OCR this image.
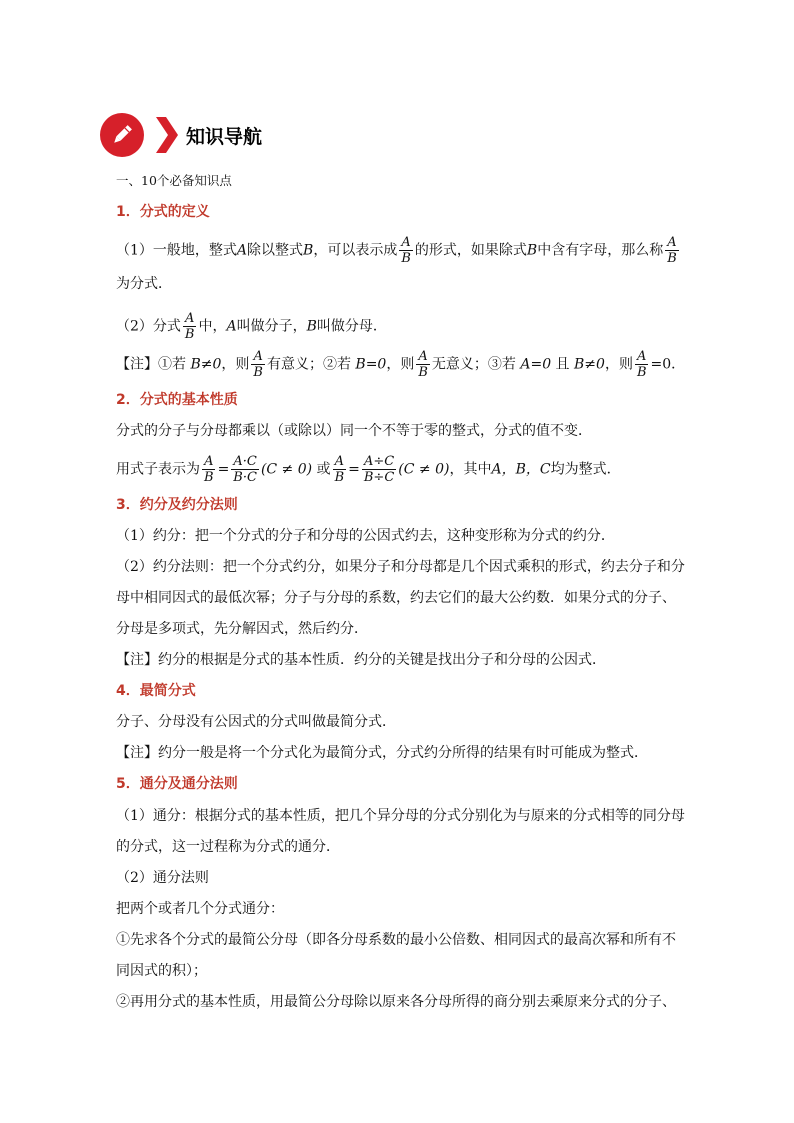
知识导航
一、10个必备知识点
1．分式的定义
（1）一般地，整式A除以整式B，可以表示成 $\frac{A}{B}$ 的形式，如果除式B中含有字母，那么称 $\frac{A}{B}$
为分式．
（2）分式 $\frac{A}{B}$ 中，A叫做分子，B叫做分母．
【注】①若 B≠0，则 $\frac{A}{B}$ 有意义；②若 B=0，则 $\frac{A}{B}$ 无意义；③若 A=0 且 B≠0，则 $\frac{A}{B} =0$．
2．分式的基本性质
分式的分子与分母都乘以（或除以）同一个不等于零的整式，分式的值不变．
用式子表示为 $\frac{A}{B} = \frac{A\cdot C}{B\cdot C} (C \ne 0)$ 或 $\frac{A}{B} = \frac{A\div C}{B\div C} (C \ne 0)$，其中A，B，C均为整式．
3．约分及约分法则
（1）约分：把一个分式的分子和分母的公因式约去，这种变形称为分式的约分．
（2）约分法则：把一个分式约分，如果分子和分母都是几个因式乘积的形式，约去分子和分
母中相同因式的最低次幂；分子与分母的系数，约去它们的最大公约数．如果分式的分子、
分母是多项式，先分解因式，然后约分．
【注】约分的根据是分式的基本性质．约分的关键是找出分子和分母的公因式．
4．最简分式
分子、分母没有公因式的分式叫做最简分式．
【注】约分一般是将一个分式化为最简分式，分式约分所得的结果有时可能成为整式．
5．通分及通分法则
（1）通分：根据分式的基本性质，把几个异分母的分式分别化为与原来的分式相等的同分母
的分式，这一过程称为分式的通分．
（2）通分法则
把两个或者几个分式通分：
①先求各个分式的最简公分母（即各分母系数的最小公倍数、相同因式的最高次幂和所有不
同因式的积）；
②再用分式的基本性质，用最简公分母除以原来各分母所得的商分别去乘原来分式的分子、
